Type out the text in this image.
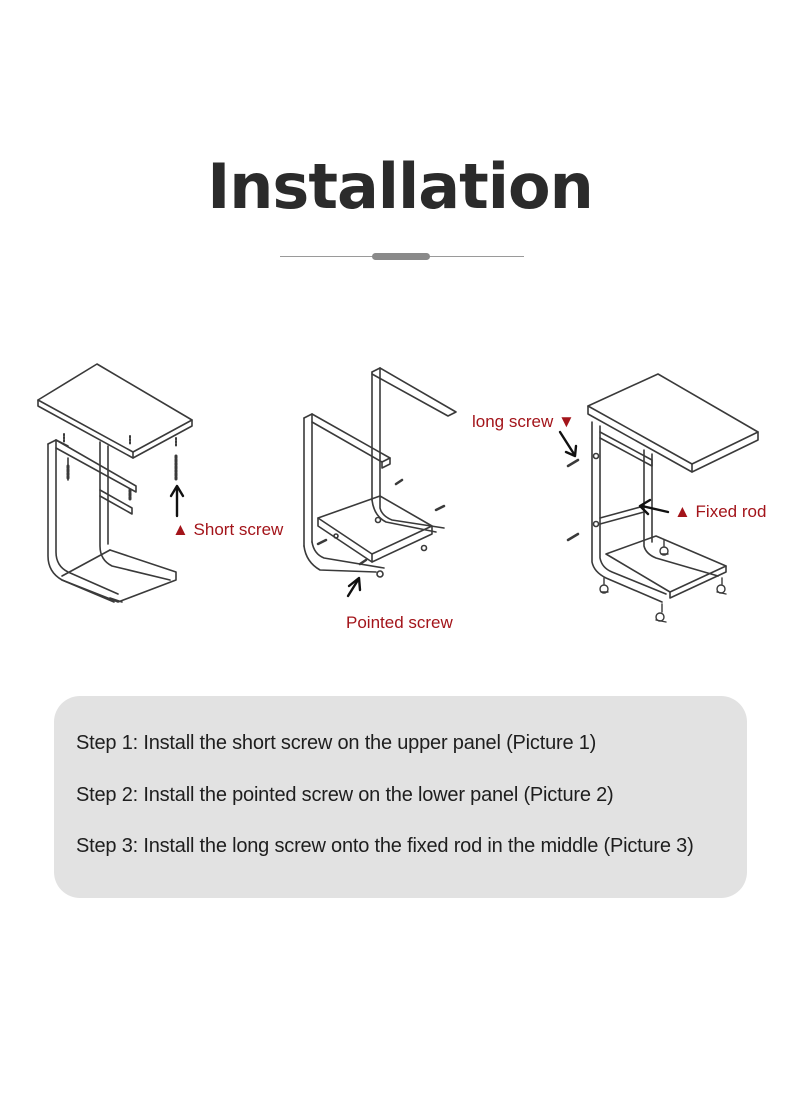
Installation
▲ Short screw
Pointed screw
long screw ▼
▲ Fixed rod
Step 1: Install the short screw on the upper panel (Picture 1)
Step 2: Install the pointed screw on the lower panel (Picture 2)
Step 3: Install the long screw onto the fixed rod in the middle (Picture 3)
